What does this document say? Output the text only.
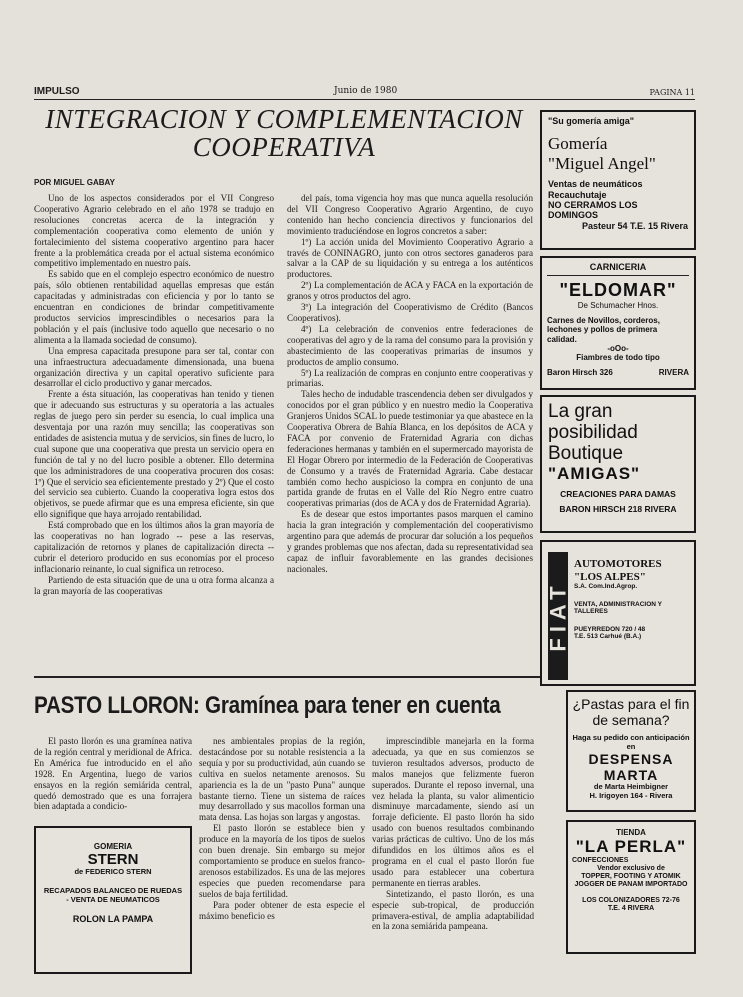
IMPULSO	Junio de 1980	PAGINA 11
INTEGRACION Y COMPLEMENTACION
COOPERATIVA
POR MIGUEL GABAY

Uno de los aspectos considerados por el VII Congreso Cooperativo Agrario celebrado en el año 1978 se tradujo en resoluciones concretas acerca de la integración y complementación cooperativa como elemento de unión y fortalecimiento del sistema cooperativo argentino para hacer frente a la problemática creada por el actual sistema económico competitivo implementado en nuestro país.

Es sabido que en el complejo espectro económico de nuestro país, sólo obtienen rentabilidad aquellas empresas que están capacitadas y administradas con eficiencia y por lo tanto se encuentran en condiciones de brindar competitivamente productos servicios imprescindibles o necesarios para la población y el país (inclusive todo aquello que necesario o no alimenta a la llamada sociedad de consumo).

Una empresa capacitada presupone para ser tal, contar con una infraestructura adecuadamente dimensionada, una buena organización directiva y un capital operativo suficiente para desarrollar el ciclo productivo y ganar mercados.

Frente a ésta situación, las cooperativas han tenido y tienen que ir adecuando sus estructuras y su operatoria a las actuales reglas de juego pero sin perder su esencia, lo cual implica una desventaja por una razón muy sencilla; las cooperativas son entidades de asistencia mutua y de servicios, sin fines de lucro, lo cual supone que una cooperativa que presta un servicio opera en función de tal y no del lucro posible a obtener. Ello determina que los administradores de una cooperativa procuren dos cosas: 1º) Que el servicio sea eficientemente prestado y 2º) Que el costo del servicio sea cubierto. Cuando la cooperativa logra estos dos objetivos, se puede afirmar que es una empresa eficiente, sin que ello signifique que haya arrojado rentabilidad.

Está comprobado que en los últimos años la gran mayoría de las cooperativas no han logrado -- pese a las reservas, capitalización de retornos y planes de capitalización directa --cubrir el deterioro producido en sus economías por el proceso inflacionario reinante, lo cual significa un retroceso.

Partiendo de esta situación que de una u otra forma alcanza a la gran mayoría de las cooperativas

del país, toma vigencia hoy mas que nunca aquella resolución del VII Congreso Cooperativo Agrario Argentino, de cuyo contenido han hecho conciencia directivos y funcionarios del movimiento traduciéndose en logros concretos a saber:

1º) La acción unida del Movimiento Cooperativo Agrario a través de CONINAGRO, junto con otros sectores ganaderos para salvar a la CAP de su liquidación y su entrega a los auténticos productores.

2º) La complementación de ACA y FACA en la exportación de granos y otros productos del agro.

3º) La integración del Cooperativismo de Crédito (Bancos Cooperativos).

4º) La celebración de convenios entre federaciones de cooperativas del agro y de la rama del consumo para la provisión y abastecimiento de las cooperativas primarias de insumos y productos de amplio consumo.

5º) La realización de compras en conjunto entre cooperativas y primarias.

Tales hecho de indudable trascendencia deben ser divulgados y conocidos por el gran público y en nuestro medio la Cooperativa Granjeros Unidos SCAL lo puede testimoniar ya que abastece en la Cooperativa Obrera de Bahía Blanca, en los depósitos de ACA y FACA por convenio de Fraternidad Agraria con dichas federaciones hermanas y también en el supermercado mayorista de El Hogar Obrero por intermedio de la Federación de Cooperativas de Consumo y a través de Fraternidad Agraria. Cabe destacar también como hecho auspicioso la compra en conjunto de una partida grande de frutas en el Valle del Río Negro entre cuatro cooperativas primarias (dos de ACA y dos de Fraternidad Agraria).

Es de desear que estos importantes pasos marquen el camino hacia la gran integración y complementación del cooperativismo argentino para que además de procurar dar solución a los pequeños y grandes problemas que nos afectan, dada su representatividad sea capaz de influir favorablemente en las grandes decisiones nacionales.

PASTO LLORON: Gramínea para tener en cuenta

El pasto llorón es una gramínea nativa de la región central y meridional de Africa. En América fue introducido en el año 1928. En Argentina, luego de varios ensayos en la región semiárida central, quedó demostrado que es una forrajera bien adaptada a condicio-

nes ambientales propias de la región, destacándose por su notable resistencia a la sequía y por su productividad, aún cuando se cultiva en suelos netamente arenosos. Su apariencia es la de un "pasto Puna" aunque bastante tierno. Tiene un sistema de raíces muy desarrollado y sus macollos forman una mata densa. Las hojas son largas y angostas.

El pasto llorón se establece bien y produce en la mayoría de los tipos de suelos con buen drenaje. Sin embargo su mejor comportamiento se produce en suelos franco-arenosos estabilizados. Es una de las mejores especies que pueden recomendarse para suelos de baja fertilidad.

Para poder obtener de esta especie el máximo beneficio es

imprescindible manejarla en la forma adecuada, ya que en sus comienzos se tuvieron resultados adversos, producto de malos manejos que felizmente fueron superados. Durante el reposo invernal, una vez helada la planta, su valor alimenticio disminuye marcadamente, siendo así un forraje deficiente. El pasto llorón ha sido usado con buenos resultados combinando varias prácticas de cultivo. Uno de los más difundidos en los últimos años es el programa en el cual el pasto llorón fue usado para establecer una cobertura permanente en tierras arables.

Sintetizando, el pasto llorón, es una especie sub-tropical, de producción primavera-estival, de amplia adaptabilidad en la zona semiárida pampeana.

"Su gomería amiga"
Gomería
"Miguel Angel"
Ventas de neumáticos
Recauchutaje
NO CERRAMOS LOS DOMINGOS
Pasteur 54 T.E. 15 Rivera
CARNICERIA
"ELDOMAR"
De Schumacher Hnos.
Carnes de Novillos, corderos, lechones y pollos de primera calidad.
-oOo-
Fiambres de todo tipo
Baron Hirsch 326	RIVERA
La gran
posibilidad
Boutique
"AMIGAS"
CREACIONES PARA DAMAS
BARON HIRSCH 218 RIVERA
FIAT
AUTOMOTORES
"LOS ALPES"
S.A. Com.Ind.Agrop.
VENTA, ADMINISTRACION Y TALLERES
PUEYRREDON 720 / 48
T.E. 513 Carhué (B.A.)
¿Pastas para el fin de semana?
Haga su pedido con anticipación en
DESPENSA
MARTA
de Marta Heimbigner
H. Irigoyen 164 - Rivera
TIENDA
"LA PERLA"
CONFECCIONES
Vendor exclusivo de
TOPPER, FOOTING Y ATOMIK JOGGER DE PANAM IMPORTADO
LOS COLONIZADORES 72-76
T.E. 4 RIVERA
GOMERIA
STERN
de FEDERICO STERN
RECAPADOS BALANCEO DE RUEDAS - VENTA DE NEUMATICOS
ROLON LA PAMPA
